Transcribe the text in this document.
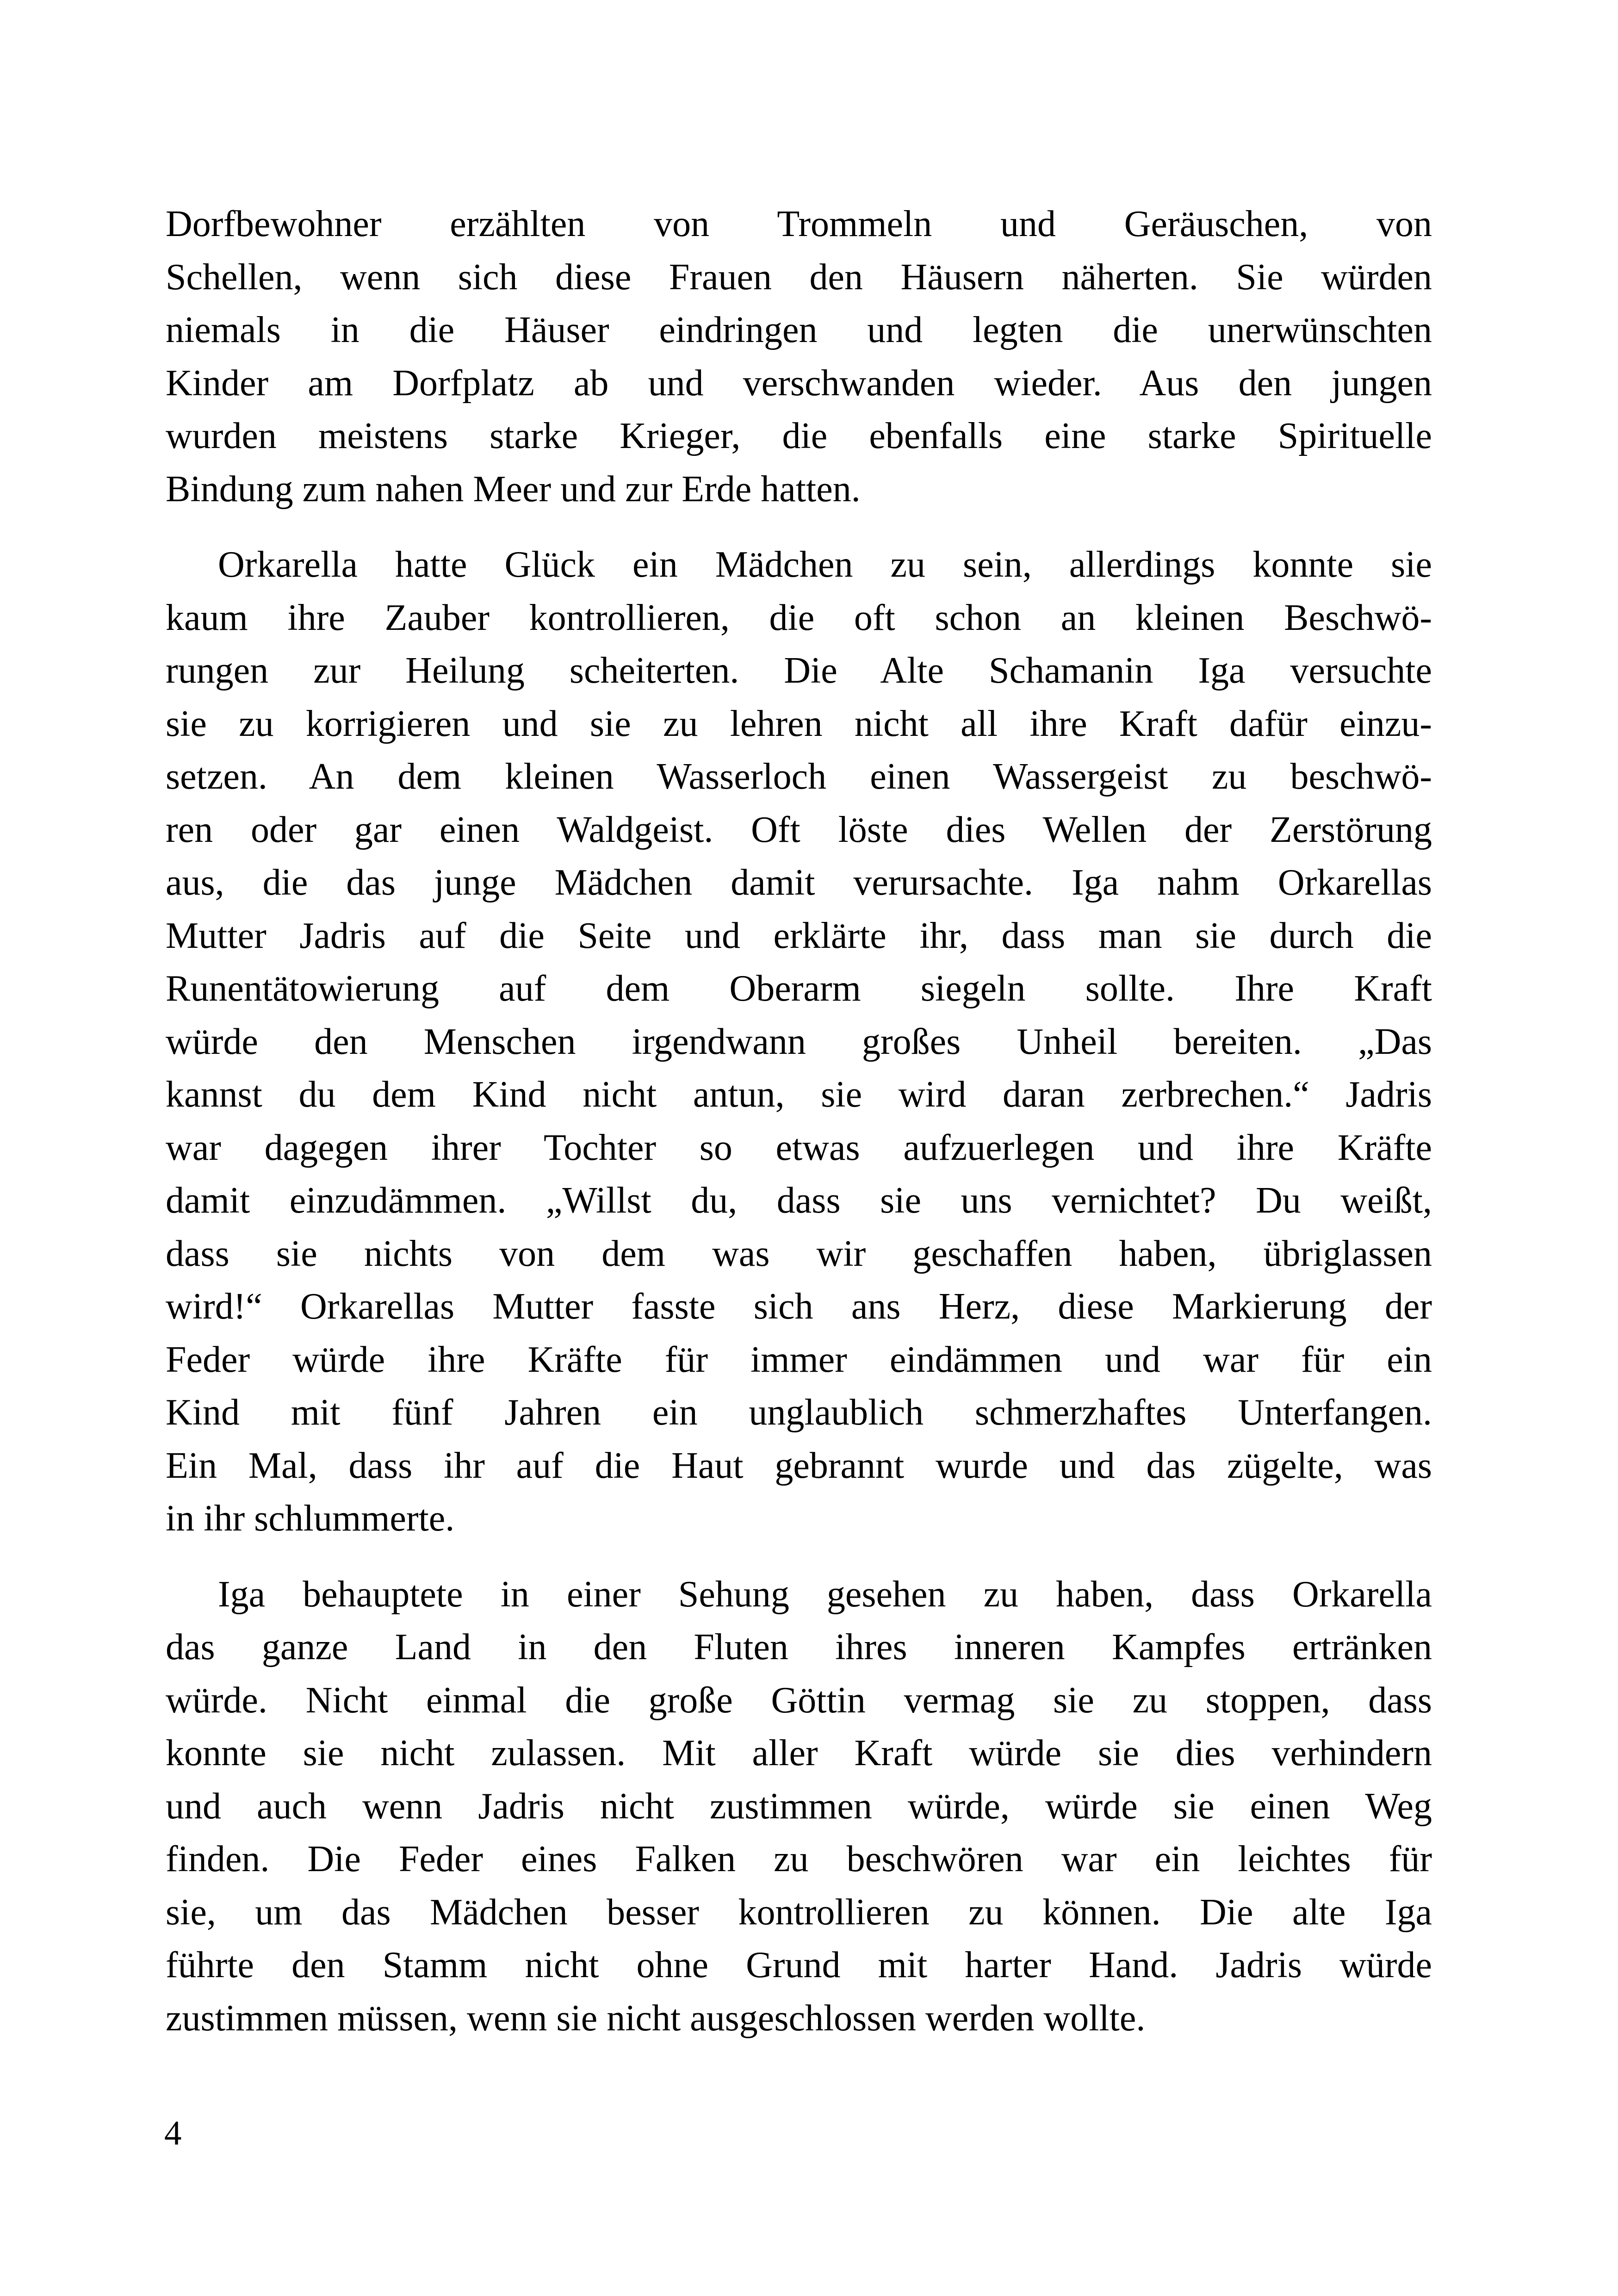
Dorfbewohner erzählten von Trommeln und Geräuschen, von
Schellen, wenn sich diese Frauen den Häusern näherten. Sie würden
niemals in die Häuser eindringen und legten die unerwünschten
Kinder am Dorfplatz ab und verschwanden wieder. Aus den jungen
wurden meistens starke Krieger, die ebenfalls eine starke Spirituelle
Bindung zum nahen Meer und zur Erde hatten.
Orkarella hatte Glück ein Mädchen zu sein, allerdings konnte sie
kaum ihre Zauber kontrollieren, die oft schon an kleinen Beschwö-
rungen zur Heilung scheiterten. Die Alte Schamanin Iga versuchte
sie zu korrigieren und sie zu lehren nicht all ihre Kraft dafür einzu-
setzen. An dem kleinen Wasserloch einen Wassergeist zu beschwö-
ren oder gar einen Waldgeist. Oft löste dies Wellen der Zerstörung
aus, die das junge Mädchen damit verursachte. Iga nahm Orkarellas
Mutter Jadris auf die Seite und erklärte ihr, dass man sie durch die
Runentätowierung auf dem Oberarm siegeln sollte. Ihre Kraft
würde den Menschen irgendwann großes Unheil bereiten. „Das
kannst du dem Kind nicht antun, sie wird daran zerbrechen.“ Jadris
war dagegen ihrer Tochter so etwas aufzuerlegen und ihre Kräfte
damit einzudämmen. „Willst du, dass sie uns vernichtet? Du weißt,
dass sie nichts von dem was wir geschaffen haben, übriglassen
wird!“ Orkarellas Mutter fasste sich ans Herz, diese Markierung der
Feder würde ihre Kräfte für immer eindämmen und war für ein
Kind mit fünf Jahren ein unglaublich schmerzhaftes Unterfangen.
Ein Mal, dass ihr auf die Haut gebrannt wurde und das zügelte, was
in ihr schlummerte.
Iga behauptete in einer Sehung gesehen zu haben, dass Orkarella
das ganze Land in den Fluten ihres inneren Kampfes ertränken
würde. Nicht einmal die große Göttin vermag sie zu stoppen, dass
konnte sie nicht zulassen. Mit aller Kraft würde sie dies verhindern
und auch wenn Jadris nicht zustimmen würde, würde sie einen Weg
finden. Die Feder eines Falken zu beschwören war ein leichtes für
sie, um das Mädchen besser kontrollieren zu können. Die alte Iga
führte den Stamm nicht ohne Grund mit harter Hand. Jadris würde
zustimmen müssen, wenn sie nicht ausgeschlossen werden wollte.
4
